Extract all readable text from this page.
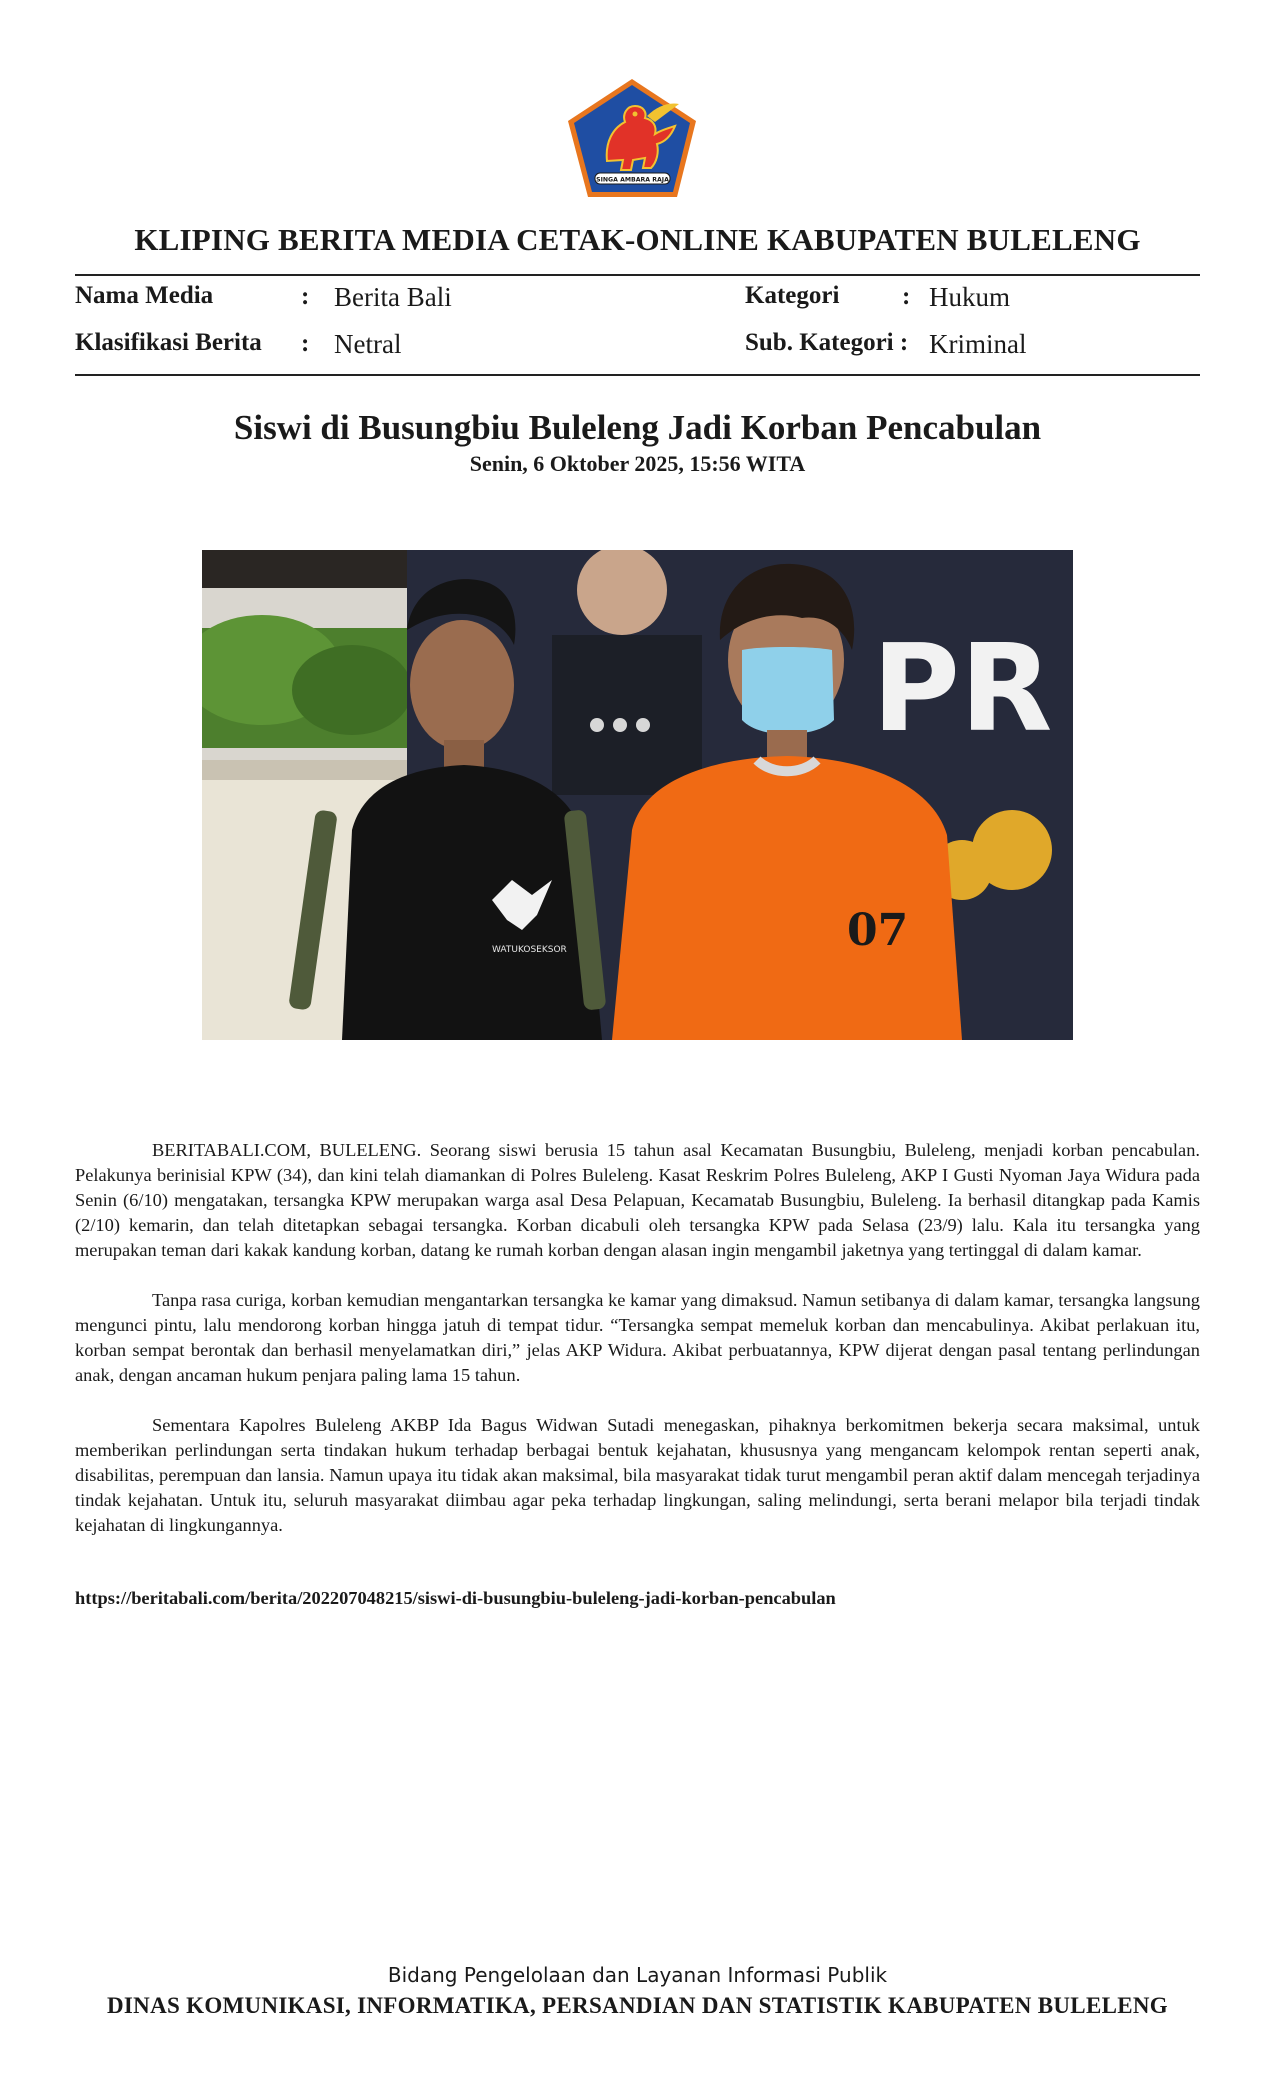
SINGA AMBARA RAJA
KLIPING BERITA MEDIA CETAK-ONLINE KABUPATEN BULELENG
Nama Media	: Berita Bali	Kategori	: Hukum
Klasifikasi Berita : Netral	Sub. Kategori : Kriminal
Siswi di Busungbiu Buleleng Jadi Korban Pencabulan
Senin, 6 Oktober 2025, 15:56 WITA
PR
WATUKOSEKSOR	07

BERITABALI.COM, BULELENG. Seorang siswi berusia 15 tahun asal Kecamatan Busungbiu, Buleleng, menjadi korban pencabulan. Pelakunya berinisial KPW (34), dan kini telah diamankan di Polres Buleleng. Kasat Reskrim Polres Buleleng, AKP I Gusti Nyoman Jaya Widura pada Senin (6/10) mengatakan, tersangka KPW merupakan warga asal Desa Pelapuan, Kecamatab Busungbiu, Buleleng. Ia berhasil ditangkap pada Kamis (2/10) kemarin, dan telah ditetapkan sebagai tersangka. Korban dicabuli oleh tersangka KPW pada Selasa (23/9) lalu. Kala itu tersangka yang merupakan teman dari kakak kandung korban, datang ke rumah korban dengan alasan ingin mengambil jaketnya yang tertinggal di dalam kamar.

Tanpa rasa curiga, korban kemudian mengantarkan tersangka ke kamar yang dimaksud. Namun setibanya di dalam kamar, tersangka langsung mengunci pintu, lalu mendorong korban hingga jatuh di tempat tidur. “Tersangka sempat memeluk korban dan mencabulinya. Akibat perlakuan itu, korban sempat berontak dan berhasil menyelamatkan diri,” jelas AKP Widura. Akibat perbuatannya, KPW dijerat dengan pasal tentang perlindungan anak, dengan ancaman hukum penjara paling lama 15 tahun.

Sementara Kapolres Buleleng AKBP Ida Bagus Widwan Sutadi menegaskan, pihaknya berkomitmen bekerja secara maksimal, untuk memberikan perlindungan serta tindakan hukum terhadap berbagai bentuk kejahatan, khususnya yang mengancam kelompok rentan seperti anak, disabilitas, perempuan dan lansia. Namun upaya itu tidak akan maksimal, bila masyarakat tidak turut mengambil peran aktif dalam mencegah terjadinya tindak kejahatan. Untuk itu, seluruh masyarakat diimbau agar peka terhadap lingkungan, saling melindungi, serta berani melapor bila terjadi tindak kejahatan di lingkungannya.

https://beritabali.com/berita/202207048215/siswi-di-busungbiu-buleleng-jadi-korban-pencabulan
Bidang Pengelolaan dan Layanan Informasi Publik
DINAS KOMUNIKASI, INFORMATIKA, PERSANDIAN DAN STATISTIK KABUPATEN BULELENG
